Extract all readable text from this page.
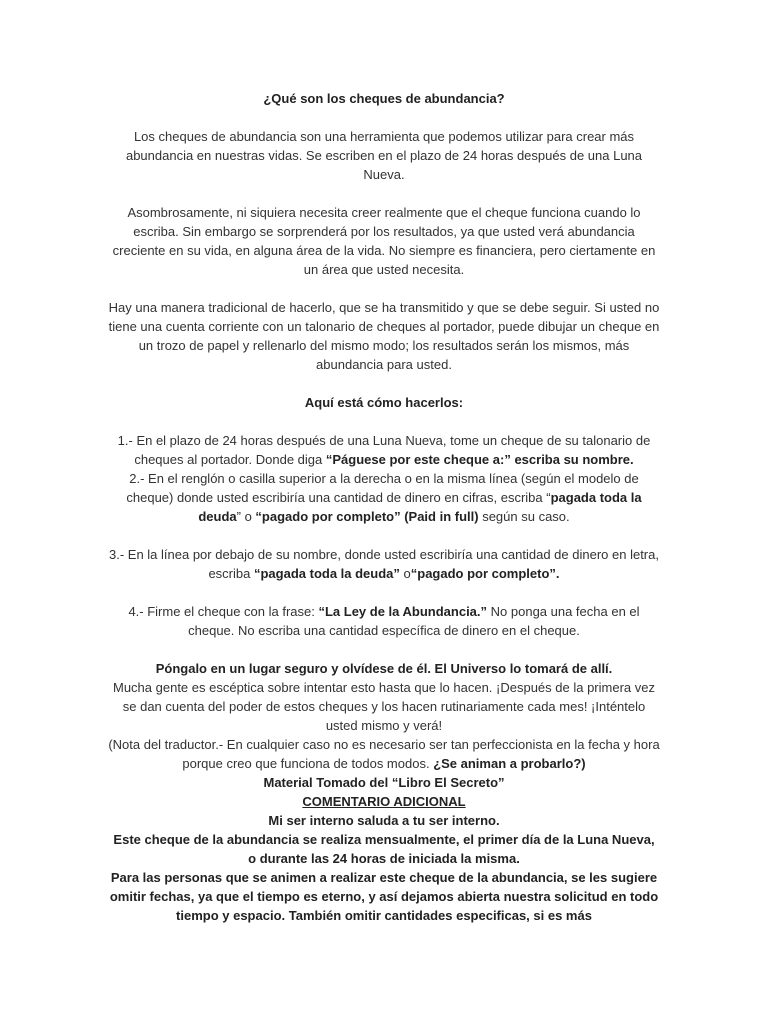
¿Qué son los cheques de abundancia?

Los cheques de abundancia son una herramienta que podemos utilizar para crear más abundancia en nuestras vidas. Se escriben en el plazo de 24 horas después de una Luna Nueva.

Asombrosamente, ni siquiera necesita creer realmente que el cheque funciona cuando lo escriba. Sin embargo se sorprenderá por los resultados, ya que usted verá abundancia creciente en su vida, en alguna área de la vida. No siempre es financiera, pero ciertamente en un área que usted necesita.

Hay una manera tradicional de hacerlo, que se ha transmitido y que se debe seguir. Si usted no tiene una cuenta corriente con un talonario de cheques al portador, puede dibujar un cheque en un trozo de papel y rellenarlo del mismo modo; los resultados serán los mismos, más abundancia para usted.

Aquí está cómo hacerlos:

1.- En el plazo de 24 horas después de una Luna Nueva, tome un cheque de su talonario de cheques al portador. Donde diga “Páguese por este cheque a:” escriba su nombre.

2.- En el renglón o casilla superior a la derecha o en la misma línea (según el modelo de cheque) donde usted escribiría una cantidad de dinero en cifras, escriba “pagada toda la deuda” o “pagado por completo” (Paid in full) según su caso.

3.- En la línea por debajo de su nombre, donde usted escribiría una cantidad de dinero en letra, escriba “pagada toda la deuda” o“pagado por completo”.

4.- Firme el cheque con la frase: “La Ley de la Abundancia.” No ponga una fecha en el cheque. No escriba una cantidad específica de dinero en el cheque.

Póngalo en un lugar seguro y olvídese de él. El Universo lo tomará de allí.

Mucha gente es escéptica sobre intentar esto hasta que lo hacen. ¡Después de la primera vez se dan cuenta del poder de estos cheques y los hacen rutinariamente cada mes! ¡Inténtelo usted mismo y verá!

(Nota del traductor.- En cualquier caso no es necesario ser tan perfeccionista en la fecha y hora porque creo que funciona de todos modos. ¿Se animan a probarlo?)

Material Tomado del “Libro El Secreto”

COMENTARIO ADICIONAL

Mi ser interno saluda a tu ser interno.

Este cheque de la abundancia se realiza mensualmente, el primer día de la Luna Nueva, o durante las 24 horas de iniciada la misma.

Para las personas que se animen a realizar este cheque de la abundancia, se les sugiere omitir fechas, ya que el tiempo es eterno, y así dejamos abierta nuestra solicitud en todo tiempo y espacio. También omitir cantidades especificas, si es más
